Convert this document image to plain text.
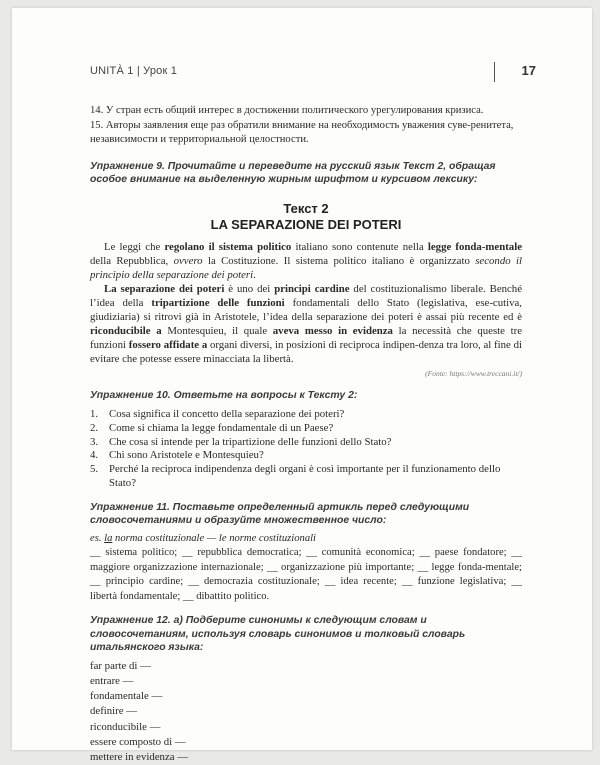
UNITÀ 1 | Урок 1	17

14. У стран есть общий интерес в достижении политического урегулирования кризиса.

15. Авторы заявления еще раз обратили внимание на необходимость уважения суве-ренитета, независимости и территориальной целостности.

Упражнение 9. Прочитайте и переведите на русский язык Текст 2, обращая особое внимание на выделенную жирным шрифтом и курсивом лексику:

Текст 2

LA SEPARAZIONE DEI POTERI

Le leggi che regolano il sistema politico italiano sono contenute nella legge fonda-mentale della Repubblica, ovvero la Costituzione. Il sistema politico italiano è organizzato secondo il principio della separazione dei poteri.

La separazione dei poteri è uno dei principi cardine del costituzionalismo liberale. Benché l’idea della tripartizione delle funzioni fondamentali dello Stato (legislativa, ese-cutiva, giudiziaria) si ritrovi già in Aristotele, l’idea della separazione dei poteri è assai più recente ed è riconducibile a Montesquieu, il quale aveva messo in evidenza la necessità che queste tre funzioni fossero affidate a organi diversi, in posizioni di reciproca indipen-denza tra loro, al fine di evitare che potesse essere minacciata la libertà.

(Fonte: https://www.treccani.it/)

Упражнение 10. Ответьте на вопросы к Тексту 2:

1. Cosa significa il concetto della separazione dei poteri?
2. Come si chiama la legge fondamentale di un Paese?
3. Che cosa si intende per la tripartizione delle funzioni dello Stato?
4. Chi sono Aristotele e Montesquieu?
5. Perché la reciproca indipendenza degli organi è così importante per il funzionamento dello Stato?

Упражнение 11. Поставьте определенный артикль перед следующими словосочетаниями и образуйте множественное число:

es. la norma costituzionale — le norme costituzionali

__ sistema politico; __ repubblica democratica; __ comunità economica; __ paese fondatore; __ maggiore organizzazione internazionale; __ organizzazione più importante; __ legge fonda-mentale; __ principio cardine; __ democrazia costituzionale; __ idea recente; __ funzione legislativa; __ libertà fondamentale; __ dibattito politico.

Упражнение 12. а) Подберите синонимы к следующим словам и словосочетаниям, используя словарь синонимов и толковый словарь итальянского языка:

far parte di —
entrare —
fondamentale —
definire —
riconducibile —
essere composto di —
mettere in evidenza —
